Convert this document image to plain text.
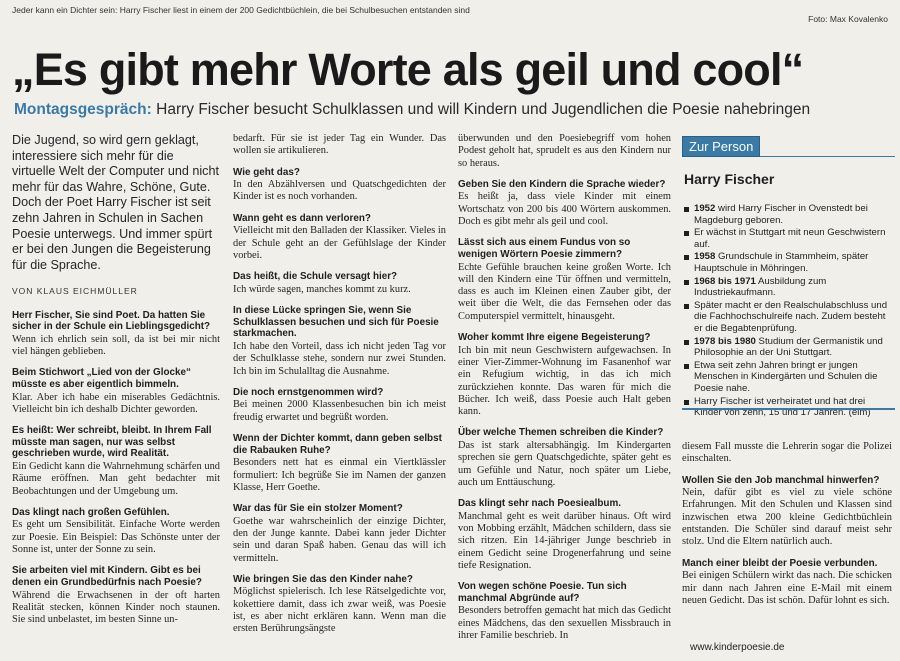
Jeder kann ein Dichter sein: Harry Fischer liest in einem der 200 Gedichtbüchlein, die bei Schulbesuchen entstanden sind
Foto: Max Kovalenko
„Es gibt mehr Worte als geil und cool“
Montagsgespräch: Harry Fischer besucht Schulklassen und will Kindern und Jugendlichen die Poesie nahebringen

Die Jugend, so wird gern geklagt, interessiere sich mehr für die virtuelle Welt der Computer und nicht mehr für das Wahre, Schöne, Gute. Doch der Poet Harry Fischer ist seit zehn Jahren in Schulen in Sachen Poesie unterwegs. Und immer spürt er bei den Jungen die Begeisterung für die Sprache.

VON KLAUS EICHMÜLLER

Herr Fischer, Sie sind Poet. Da hatten Sie sicher in der Schule ein Lieblingsgedicht?

Wenn ich ehrlich sein soll, da ist bei mir nicht viel hängen geblieben.

Beim Stichwort „Lied von der Glocke“ müsste es aber eigentlich bimmeln.

Klar. Aber ich habe ein miserables Gedächtnis. Vielleicht bin ich deshalb Dichter geworden.

Es heißt: Wer schreibt, bleibt. In Ihrem Fall müsste man sagen, nur was selbst geschrieben wurde, wird Realität.

Ein Gedicht kann die Wahrnehmung schärfen und Räume eröffnen. Man geht bedachter mit Beobachtungen und der Umgebung um.

Das klingt nach großen Gefühlen.

Es geht um Sensibilität. Einfache Worte werden zur Poesie. Ein Beispiel: Das Schönste unter der Sonne ist, unter der Sonne zu sein.

Sie arbeiten viel mit Kindern. Gibt es bei denen ein Grundbedürfnis nach Poesie?

Während die Erwachsenen in der oft harten Realität stecken, können Kinder noch staunen. Sie sind unbelastet, im besten Sinne un-

bedarft. Für sie ist jeder Tag ein Wunder. Das wollen sie artikulieren.

Wie geht das?

In den Abzählversen und Quatschgedichten der Kinder ist es noch vorhanden.

Wann geht es dann verloren?

Vielleicht mit den Balladen der Klassiker. Vieles in der Schule geht an der Gefühlslage der Kinder vorbei.

Das heißt, die Schule versagt hier?

Ich würde sagen, manches kommt zu kurz.

In diese Lücke springen Sie, wenn Sie Schulklassen besuchen und sich für Poesie starkmachen.

Ich habe den Vorteil, dass ich nicht jeden Tag vor der Schulklasse stehe, sondern nur zwei Stunden. Ich bin im Schulalltag die Ausnahme.

Die noch ernstgenommen wird?

Bei meinen 2000 Klassenbesuchen bin ich meist freudig erwartet und begrüßt worden.

Wenn der Dichter kommt, dann geben selbst die Rabauken Ruhe?

Besonders nett hat es einmal ein Viertklässler formuliert: Ich begrüße Sie im Namen der ganzen Klasse, Herr Goethe.

War das für Sie ein stolzer Moment?

Goethe war wahrscheinlich der einzige Dichter, den der Junge kannte. Dabei kann jeder Dichter sein und daran Spaß haben. Genau das will ich vermitteln.

Wie bringen Sie das den Kinder nahe?

Möglichst spielerisch. Ich lese Rätselgedichte vor, kokettiere damit, dass ich zwar weiß, was Poesie ist, es aber nicht erklären kann. Wenn man die ersten Berührungsängste

überwunden und den Poesiebegriff vom hohen Podest geholt hat, sprudelt es aus den Kindern nur so heraus.

Geben Sie den Kindern die Sprache wieder?

Es heißt ja, dass viele Kinder mit einem Wortschatz von 200 bis 400 Wörtern auskommen. Doch es gibt mehr als geil und cool.

Lässt sich aus einem Fundus von so wenigen Wörtern Poesie zimmern?

Echte Gefühle brauchen keine großen Worte. Ich will den Kindern eine Tür öffnen und vermitteln, dass es auch im Kleinen einen Zauber gibt, der weit über die Welt, die das Fernsehen oder das Computerspiel vermittelt, hinausgeht.

Woher kommt Ihre eigene Begeisterung?

Ich bin mit neun Geschwistern aufgewachsen. In einer Vier-Zimmer-Wohnung im Fasanenhof war ein Refugium wichtig, in das ich mich zurückziehen konnte. Das waren für mich die Bücher. Ich weiß, dass Poesie auch Halt geben kann.

Über welche Themen schreiben die Kinder?

Das ist stark altersabhängig. Im Kindergarten sprechen sie gern Quatschgedichte, später geht es um Gefühle und Natur, noch später um Liebe, auch um Enttäuschung.

Das klingt sehr nach Poesiealbum.

Manchmal geht es weit darüber hinaus. Oft wird von Mobbing erzählt, Mädchen schildern, dass sie sich ritzen. Ein 14-jähriger Junge beschrieb in einem Gedicht seine Drogenerfahrung und seine tiefe Resignation.

Von wegen schöne Poesie. Tun sich manchmal Abgründe auf?

Besonders betroffen gemacht hat mich das Gedicht eines Mädchens, das den sexuellen Missbrauch in ihrer Familie beschrieb. In

Zur Person
Harry Fischer
1952 wird Harry Fischer in Ovenstedt bei Magdeburg geboren.
Er wächst in Stuttgart mit neun Geschwistern auf.
1958 Grundschule in Stammheim, später Hauptschule in Möhringen.
1968 bis 1971 Ausbildung zum Industriekaufmann.
Später macht er den Realschulabschluss und die Fachhochschulreife nach. Zudem besteht er die Begabtenprüfung.
1978 bis 1980 Studium der Germanistik und Philosophie an der Uni Stuttgart.
Etwa seit zehn Jahren bringt er jungen Menschen in Kindergärten und Schulen die Poesie nahe.
Harry Fischer ist verheiratet und hat drei Kinder von zehn, 15 und 17 Jahren. (eim)

diesem Fall musste die Lehrerin sogar die Polizei einschalten.

Wollen Sie den Job manchmal hinwerfen?

Nein, dafür gibt es viel zu viele schöne Erfahrungen. Mit den Schulen und Klassen sind inzwischen etwa 200 kleine Gedichtbüchlein entstanden. Die Schüler sind darauf meist sehr stolz. Und die Eltern natürlich auch.

Manch einer bleibt der Poesie verbunden.

Bei einigen Schülern wirkt das nach. Die schicken mir dann nach Jahren eine E-Mail mit einem neuen Gedicht. Das ist schön. Dafür lohnt es sich.

www.kinderpoesie.de
